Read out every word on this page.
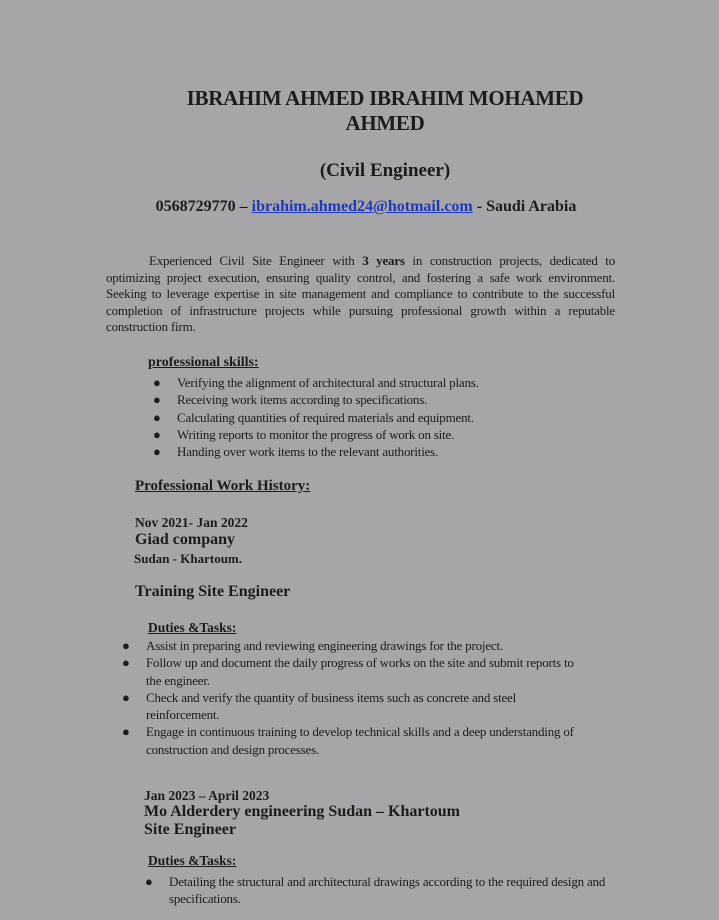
IBRAHIM AHMED IBRAHIM MOHAMED AHMED
(Civil Engineer)
0568729770 – ibrahim.ahmed24@hotmail.com - Saudi Arabia
Experienced Civil Site Engineer with 3 years in construction projects, dedicated to optimizing project execution, ensuring quality control, and fostering a safe work environment. Seeking to leverage expertise in site management and compliance to contribute to the successful completion of infrastructure projects while pursuing professional growth within a reputable construction firm.
professional skills:
● Verifying the alignment of architectural and structural plans.
● Receiving work items according to specifications.
● Calculating quantities of required materials and equipment.
● Writing reports to monitor the progress of work on site.
● Handing over work items to the relevant authorities.
Professional Work History:
Nov 2021- Jan 2022
Giad company
Sudan - Khartoum.
Training Site Engineer
Duties &Tasks:
● Assist in preparing and reviewing engineering drawings for the project.
● Follow up and document the daily progress of works on the site and submit reports to the engineer.
● Check and verify the quantity of business items such as concrete and steel reinforcement.
● Engage in continuous training to develop technical skills and a deep understanding of construction and design processes.
Jan 2023 – April 2023
Mo Alderdery engineering Sudan – Khartoum
Site Engineer
Duties &Tasks:
● Detailing the structural and architectural drawings according to the required design and specifications.
